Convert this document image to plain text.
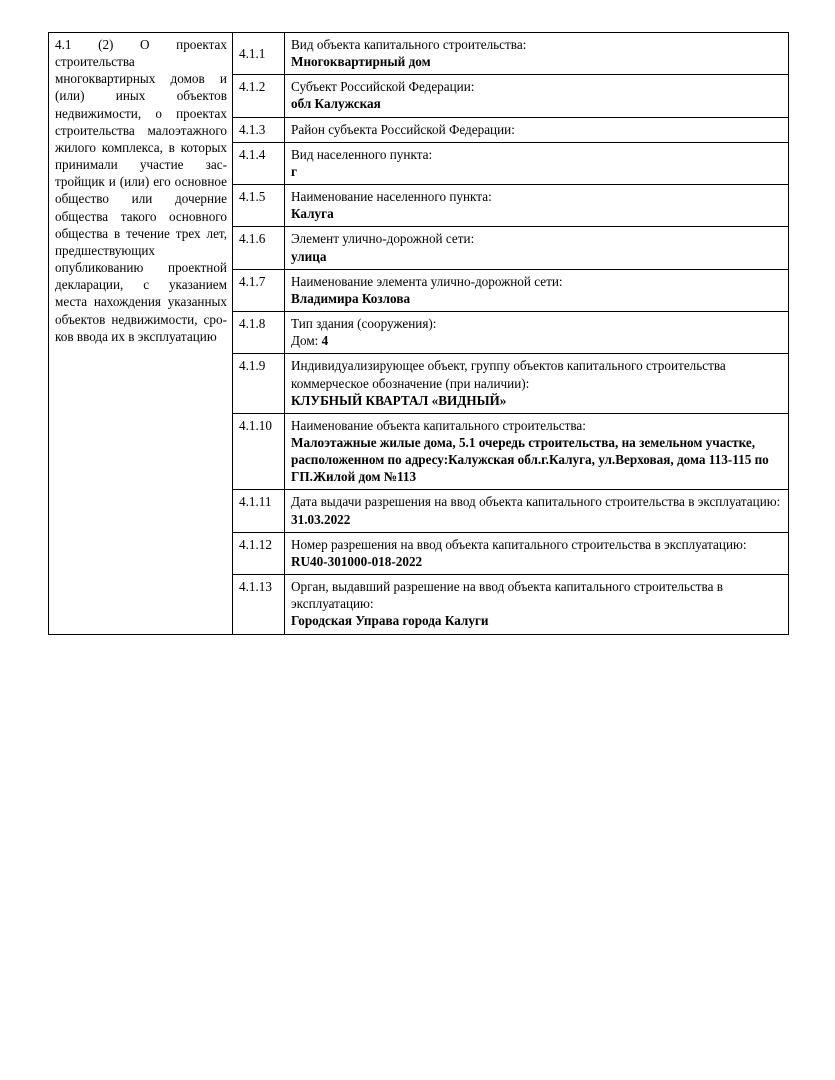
4.1 (2) О проектах строительства многоквартирных домов и (или) иных объектов недвижимости, о проектах строительства малоэтажного жилого комплекса, в которых принимали участие застройщик и (или) его основное общество или дочерние общества такого основного общества в течение трех лет, предшествующих опубликованию проектной декларации, с указанием места нахождения указанных объектов недвижимости, сроков ввода их в эксплуатацию	4.1.1	Вид объекта капитального строительства:
Многоквартирный дом

	4.1.2	Субъект Российской Федерации:
обл Калужская

	4.1.3	Район субъекта Российской Федерации:

	4.1.4	Вид населенного пункта:
г

	4.1.5	Наименование населенного пункта:
Калуга

	4.1.6	Элемент улично-дорожной сети:
улица

	4.1.7	Наименование элемента улично-дорожной сети:
Владимира Козлова

	4.1.8	Тип здания (сооружения):
Дом: 4

	4.1.9	Индивидуализирующее объект, группу объектов капитального строительства коммерческое обозначение (при наличии):
КЛУБНЫЙ КВАРТАЛ «ВИДНЫЙ»

	4.1.10	Наименование объекта капитального строительства:
Малоэтажные жилые дома, 5.1 очередь строительства, на земельном участке, расположенном по адресу:Калужская обл.г.Калуга, ул.Верховая, дома 113-115 по ГП.Жилой дом №113

	4.1.11	Дата выдачи разрешения на ввод объекта капитального строительства в эксплуатацию:
31.03.2022

	4.1.12	Номер разрешения на ввод объекта капитального строительства в эксплуатацию:
RU40-301000-018-2022

	4.1.13	Орган, выдавший разрешение на ввод объекта капитального строительства в эксплуатацию:
Городская Управа города Калуги
